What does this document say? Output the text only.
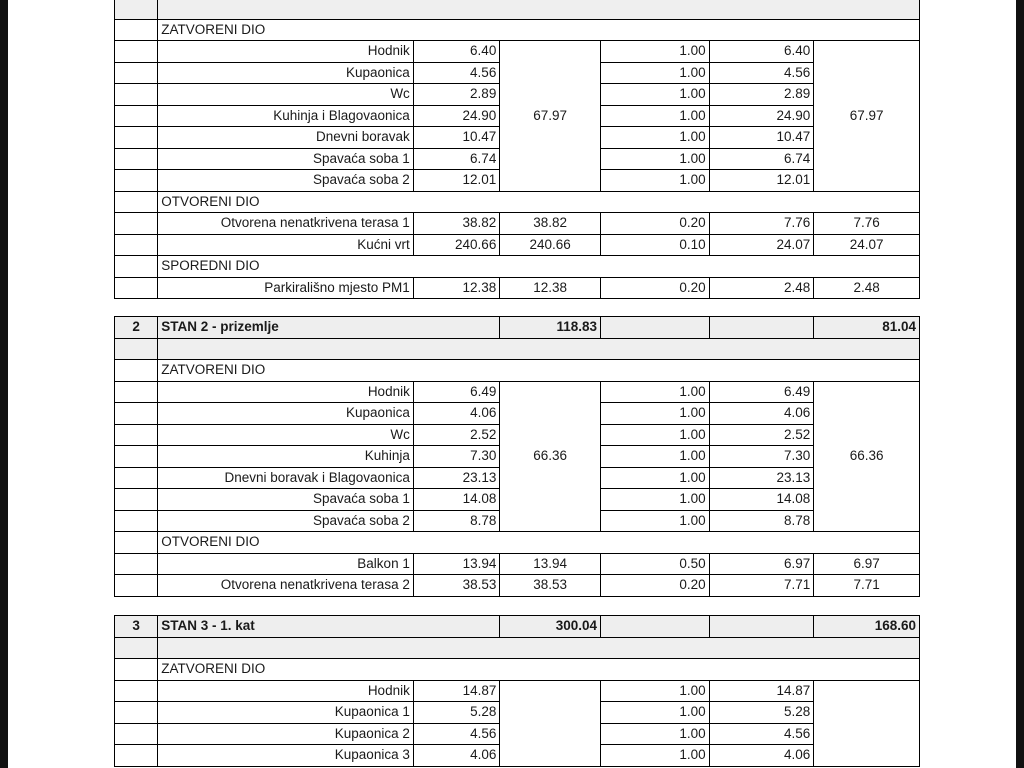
	ZATVORENI DIO					
	Hodnik	6.40	67.97	1.00	6.40	67.97
	Kupaonica	4.56		1.00	4.56	
	Wc	2.89		1.00	2.89	
	Kuhinja i Blagovaonica	24.90		1.00	24.90	
	Dnevni boravak	10.47		1.00	10.47	
	Spavaća soba 1	6.74		1.00	6.74	
	Spavaća soba 2	12.01		1.00	12.01	
	OTVORENI DIO					
	Otvorena nenatkrivena terasa 1	38.82	38.82	0.20	7.76	7.76
	Kućni vrt	240.66	240.66	0.10	24.07	24.07
	SPOREDNI DIO					
	Parkirališno mjesto PM1	12.38	12.38	0.20	2.48	2.48
2	STAN 2 - prizemlje		118.83			81.04

	ZATVORENI DIO					
	Hodnik	6.49	66.36	1.00	6.49	66.36
	Kupaonica	4.06		1.00	4.06	
	Wc	2.52		1.00	2.52	
	Kuhinja	7.30		1.00	7.30	
	Dnevni boravak i Blagovaonica	23.13		1.00	23.13	
	Spavaća soba 1	14.08		1.00	14.08	
	Spavaća soba 2	8.78		1.00	8.78	
	OTVORENI DIO					
	Balkon 1	13.94	13.94	0.50	6.97	6.97
	Otvorena nenatkrivena terasa 2	38.53	38.53	0.20	7.71	7.71
3	STAN 3 - 1. kat		300.04			168.60

	ZATVORENI DIO					
	Hodnik	14.87		1.00	14.87	
	Kupaonica 1	5.28		1.00	5.28	
	Kupaonica 2	4.56		1.00	4.56	
	Kupaonica 3	4.06		1.00	4.06	
